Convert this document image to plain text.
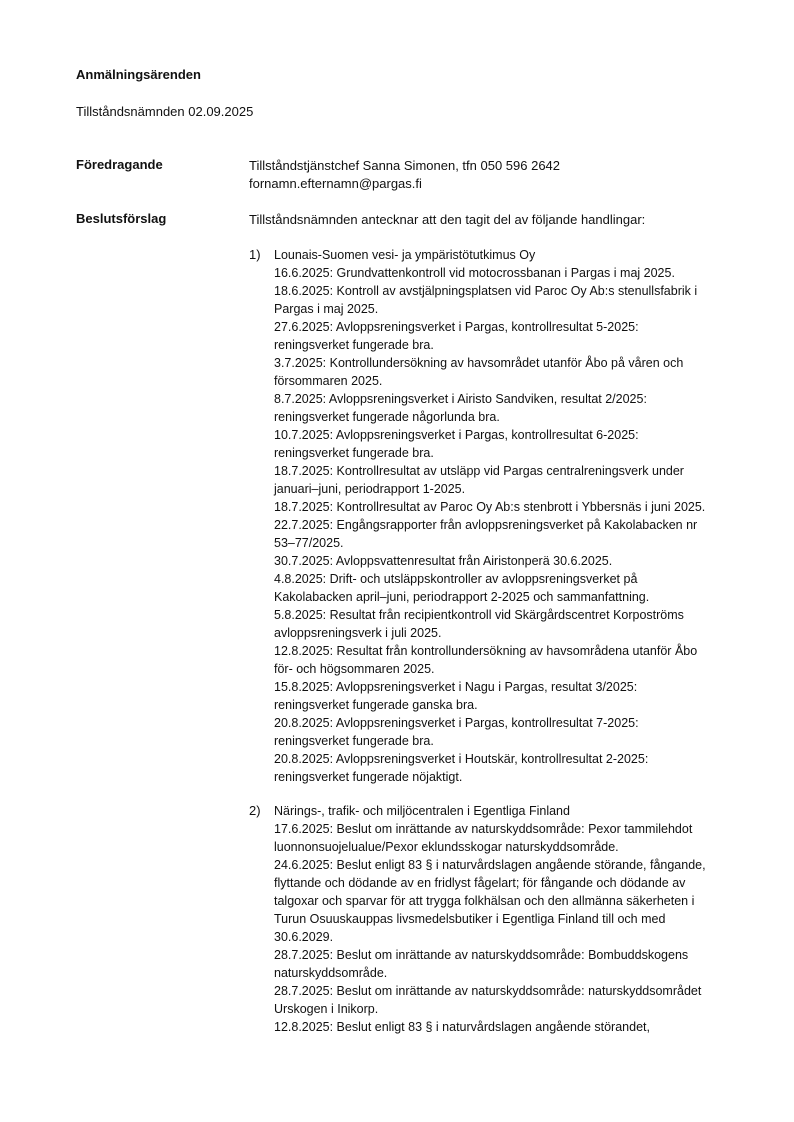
Anmälningsärenden
Tillståndsnämnden 02.09.2025
Föredragande	Tillståndstjänstchef Sanna Simonen, tfn 050 596 2642
fornamn.efternamn@pargas.fi
Beslutsförslag	Tillståndsnämnden antecknar att den tagit del av följande handlingar:
1) Lounais-Suomen vesi- ja ympäristötutkimus Oy
16.6.2025: Grundvattenkontroll vid motocrossbanan i Pargas i maj 2025.
18.6.2025: Kontroll av avstjälpningsplatsen vid Paroc Oy Ab:s stenullsfabrik i
Pargas i maj 2025.
27.6.2025: Avloppsreningsverket i Pargas, kontrollresultat 5-2025:
reningsverket fungerade bra.
3.7.2025: Kontrollundersökning av havsområdet utanför Åbo på våren och
försommaren 2025.
8.7.2025: Avloppsreningsverket i Airisto Sandviken, resultat 2/2025:
reningsverket fungerade någorlunda bra.
10.7.2025: Avloppsreningsverket i Pargas, kontrollresultat 6-2025:
reningsverket fungerade bra.
18.7.2025: Kontrollresultat av utsläpp vid Pargas centralreningsverk under
januari–juni, periodrapport 1-2025.
18.7.2025: Kontrollresultat av Paroc Oy Ab:s stenbrott i Ybbersnäs i juni 2025.
22.7.2025: Engångsrapporter från avloppsreningsverket på Kakolabacken nr
53–77/2025.
30.7.2025: Avloppsvattenresultat från Airistonperä 30.6.2025.
4.8.2025: Drift- och utsläppskontroller av avloppsreningsverket på
Kakolabacken april–juni, periodrapport 2-2025 och sammanfattning.
5.8.2025: Resultat från recipientkontroll vid Skärgårdscentret Korpoströms
avloppsreningsverk i juli 2025.
12.8.2025: Resultat från kontrollundersökning av havsområdena utanför Åbo
för- och högsommaren 2025.
15.8.2025: Avloppsreningsverket i Nagu i Pargas, resultat 3/2025:
reningsverket fungerade ganska bra.
20.8.2025: Avloppsreningsverket i Pargas, kontrollresultat 7-2025:
reningsverket fungerade bra.
20.8.2025: Avloppsreningsverket i Houtskär, kontrollresultat 2-2025:
reningsverket fungerade nöjaktigt.
2) Närings-, trafik- och miljöcentralen i Egentliga Finland
17.6.2025: Beslut om inrättande av naturskyddsområde: Pexor tammilehdot
luonnonsuojelualue/Pexor eklundsskogar naturskyddsområde.
24.6.2025: Beslut enligt 83 § i naturvårdslagen angående störande, fångande,
flyttande och dödande av en fridlyst fågelart; för fångande och dödande av
talgoxar och sparvar för att trygga folkhälsan och den allmänna säkerheten i
Turun Osuuskauppas livsmedelsbutiker i Egentliga Finland till och med
30.6.2029.
28.7.2025: Beslut om inrättande av naturskyddsområde: Bombuddskogens
naturskyddsområde.
28.7.2025: Beslut om inrättande av naturskyddsområde: naturskyddsområdet
Urskogen i Inikorp.
12.8.2025: Beslut enligt 83 § i naturvårdslagen angående störandet,
